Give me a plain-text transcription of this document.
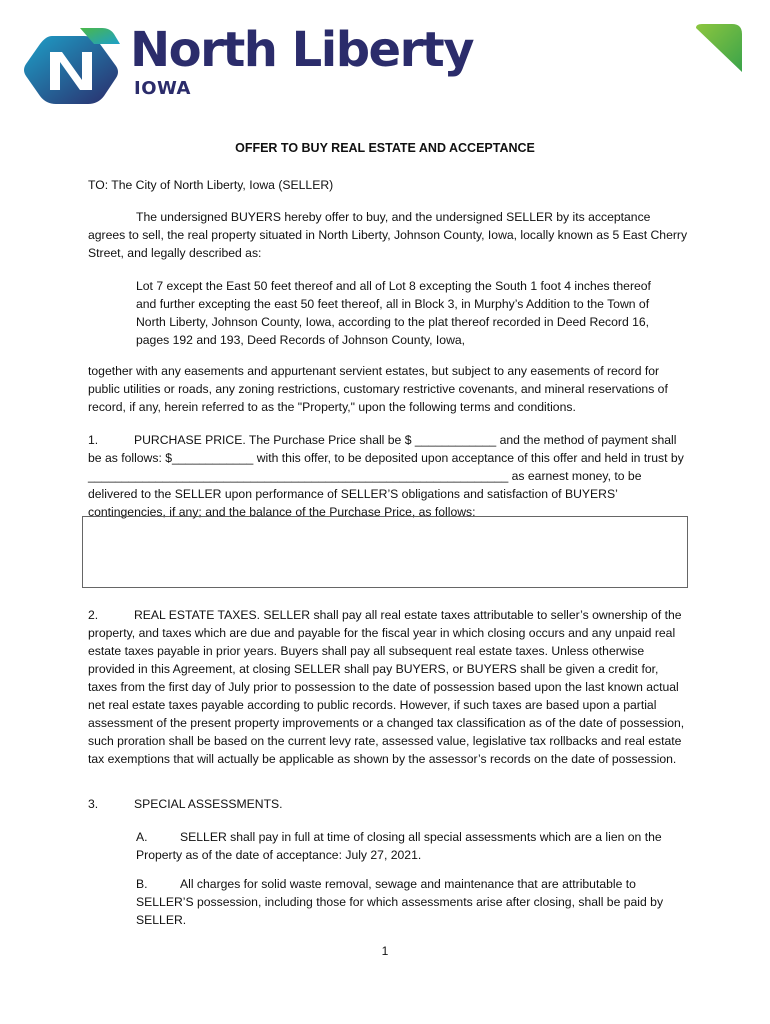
North Liberty
IOWA
OFFER TO BUY REAL ESTATE AND ACCEPTANCE

TO: The City of North Liberty, Iowa (SELLER)

The undersigned BUYERS hereby offer to buy, and the undersigned SELLER by its acceptance agrees to sell, the real property situated in North Liberty, Johnson County, Iowa, locally known as 5 East Cherry Street, and legally described as:

Lot 7 except the East 50 feet thereof and all of Lot 8 excepting the South 1 foot 4 inches thereof and further excepting the east 50 feet thereof, all in Block 3, in Murphy’s Addition to the Town of North Liberty, Johnson County, Iowa, according to the plat thereof recorded in Deed Record 16, pages 192 and 193, Deed Records of Johnson County, Iowa,

together with any easements and appurtenant servient estates, but subject to any easements of record for public utilities or roads, any zoning restrictions, customary restrictive covenants, and mineral reservations of record, if any, herein referred to as the "Property," upon the following terms and conditions.

1.	PURCHASE PRICE. The Purchase Price shall be $ ____________ and the method of payment shall be as follows: $____________ with this offer, to be deposited upon acceptance of this offer and held in trust by ______________________________________________________________ as earnest money, to be delivered to the SELLER upon performance of SELLER’S obligations and satisfaction of BUYERS’ contingencies, if any; and the balance of the Purchase Price, as follows:

2.	REAL ESTATE TAXES. SELLER shall pay all real estate taxes attributable to seller’s ownership of the property, and taxes which are due and payable for the fiscal year in which closing occurs and any unpaid real estate taxes payable in prior years. Buyers shall pay all subsequent real estate taxes. Unless otherwise provided in this Agreement, at closing SELLER shall pay BUYERS, or BUYERS shall be given a credit for, taxes from the first day of July prior to possession to the date of possession based upon the last known actual net real estate taxes payable according to public records. However, if such taxes are based upon a partial assessment of the present property improvements or a changed tax classification as of the date of possession, such proration shall be based on the current levy rate, assessed value, legislative tax rollbacks and real estate tax exemptions that will actually be applicable as shown by the assessor’s records on the date of possession.

3.	SPECIAL ASSESSMENTS.

A.	SELLER shall pay in full at time of closing all special assessments which are a lien on the Property as of the date of acceptance: July 27, 2021.

B.	All charges for solid waste removal, sewage and maintenance that are attributable to SELLER’S possession, including those for which assessments arise after closing, shall be paid by SELLER.

1
